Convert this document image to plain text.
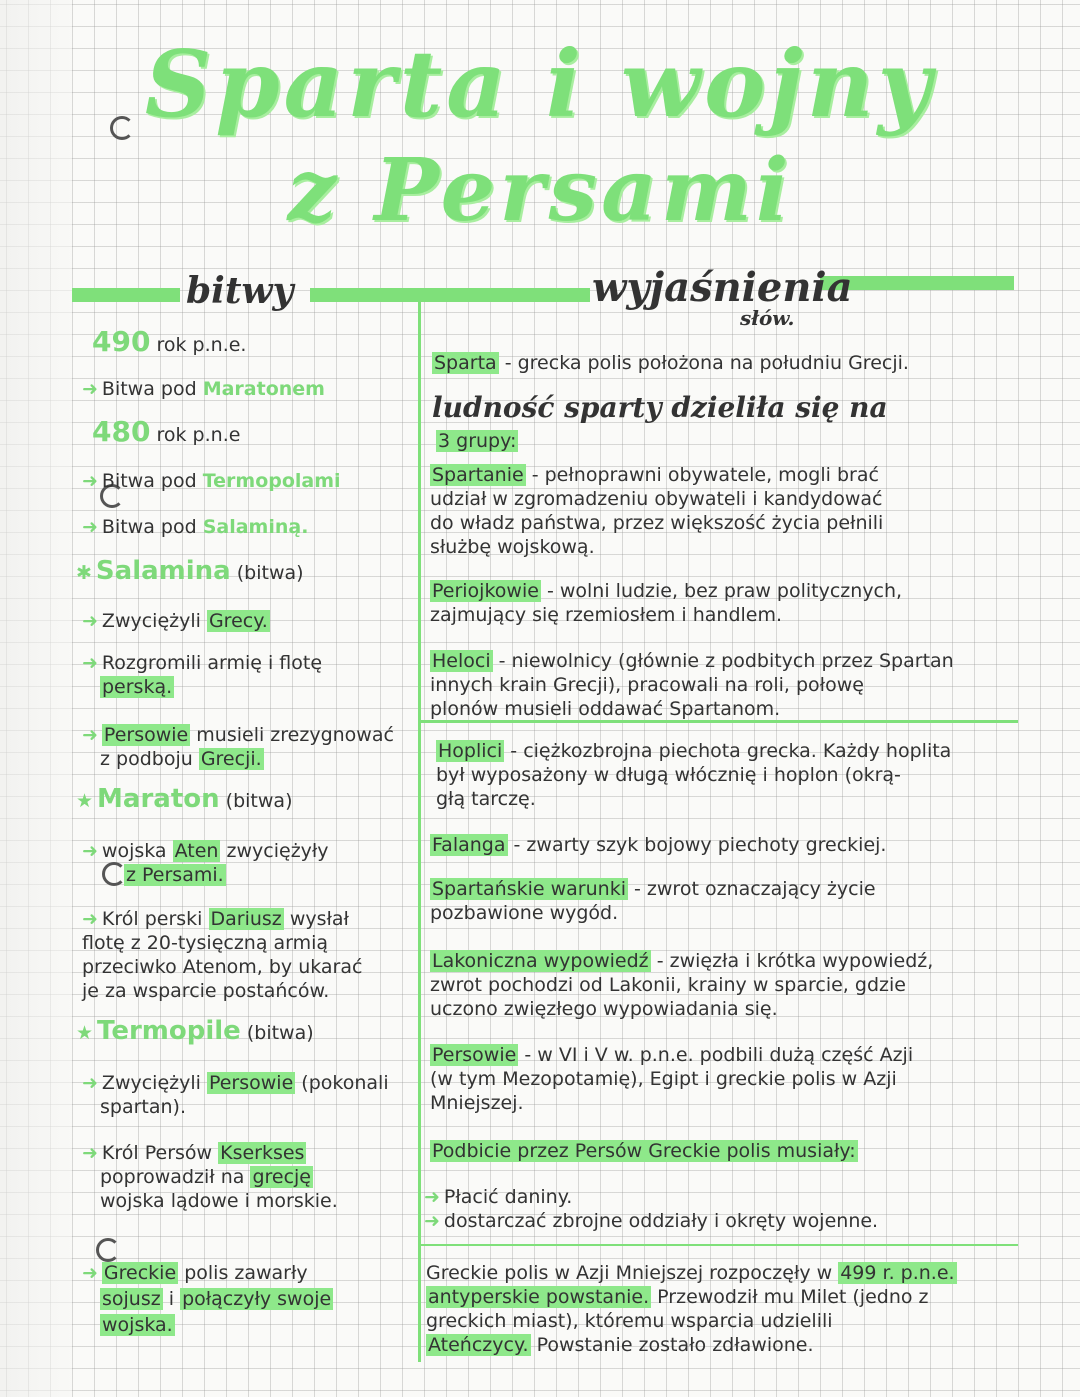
Sparta i wojny
z Persami
bitwy	wyjaśnienia
słów.
490 rok p.n.e.
➜ Bitwa pod Maratonem
480 rok p.n.e
➜ Bitwa pod Termopolami
➜ Bitwa pod Salaminą.
✱ Salamina (bitwa)
➜ Zwyciężyli Grecy.
➜ Rozgromili armię i flotę
perską.
➜ Persowie musieli zrezygnować
z podboju Grecji.
★ Maraton (bitwa)
➜ wojska Aten zwyciężyły
z Persami.
➜ Król perski Dariusz wysłał
flotę z 20-tysięczną armią
przeciwko Atenom, by ukarać
je za wsparcie postańców.
★ Termopile (bitwa)
➜ Zwyciężyli Persowie (pokonali
spartan).
➜ Król Persów Kserkses
poprowadził na grecję
wojska lądowe i morskie.
➜ Greckie polis zawarły
sojusz i połączyły swoje
wojska.
Sparta - grecka polis położona na południu Grecji.
ludność sparty dzieliła się na
3 grupy:
Spartanie - pełnoprawni obywatele, mogli brać
udział w zgromadzeniu obywateli i kandydować
do władz państwa, przez większość życia pełnili
służbę wojskową.
Periojkowie - wolni ludzie, bez praw politycznych,
zajmujący się rzemiosłem i handlem.
Heloci - niewolnicy (głównie z podbitych przez Spartan
innych krain Grecji), pracowali na roli, połowę
plonów musieli oddawać Spartanom.
Hoplici - ciężkozbrojna piechota grecka. Każdy hoplita
był wyposażony w długą włócznię i hoplon (okrą-
głą tarczę.
Falanga - zwarty szyk bojowy piechoty greckiej.
Spartańskie warunki - zwrot oznaczający życie
pozbawione wygód.
Lakoniczna wypowiedź - zwięzła i krótka wypowiedź,
zwrot pochodzi od Lakonii, krainy w sparcie, gdzie
uczono zwięzłego wypowiadania się.
Persowie - w VI i V w. p.n.e. podbili dużą część Azji
(w tym Mezopotamię), Egipt i greckie polis w Azji
Mniejszej.
Podbicie przez Persów Greckie polis musiały:
➜ Płacić daniny.
➜ dostarczać zbrojne oddziały i okręty wojenne.
Greckie polis w Azji Mniejszej rozpoczęły w 499 r. p.n.e.
antyperskie powstanie. Przewodził mu Milet (jedno z
greckich miast), któremu wsparcia udzielili
Ateńczycy. Powstanie zostało zdławione.
